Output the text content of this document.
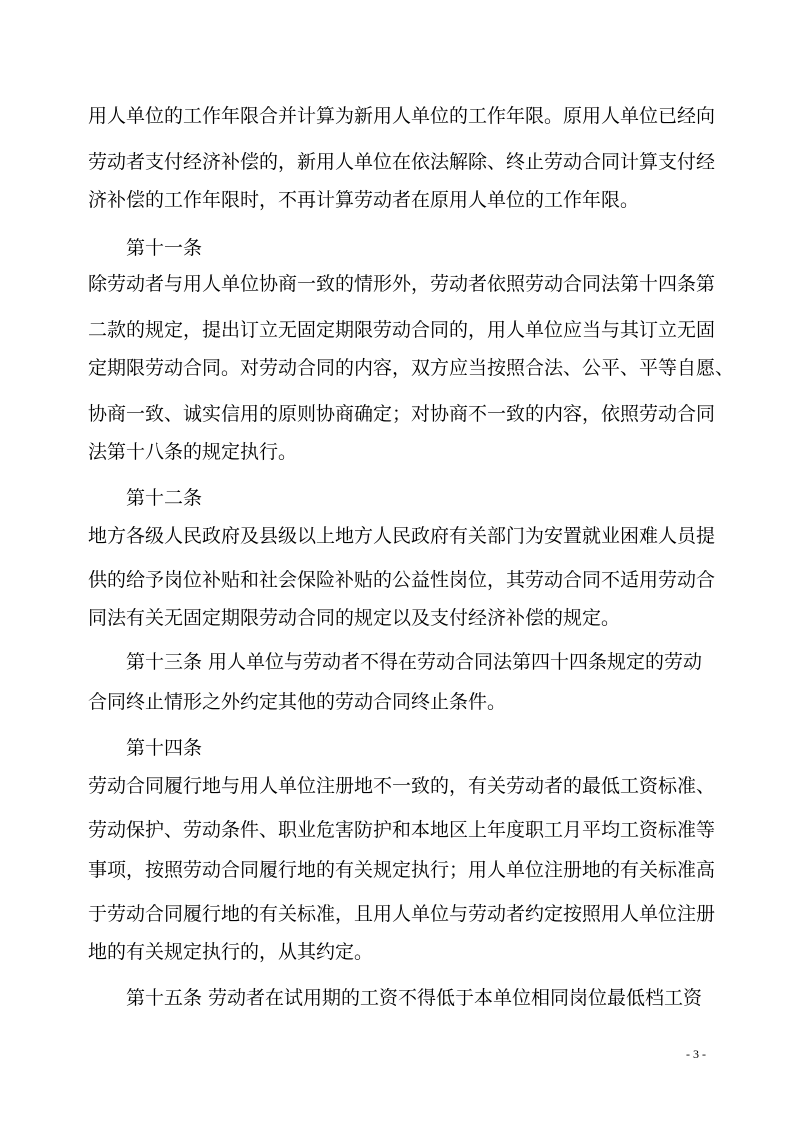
用人单位的工作年限合并计算为新用人单位的工作年限。原用人单位已经向
劳动者支付经济补偿的，新用人单位在依法解除、终止劳动合同计算支付经
济补偿的工作年限时，不再计算劳动者在原用人单位的工作年限。
第十一条
除劳动者与用人单位协商一致的情形外，劳动者依照劳动合同法第十四条第
二款的规定，提出订立无固定期限劳动合同的，用人单位应当与其订立无固
定期限劳动合同。对劳动合同的内容，双方应当按照合法、公平、平等自愿、
协商一致、诚实信用的原则协商确定；对协商不一致的内容，依照劳动合同
法第十八条的规定执行。
第十二条
地方各级人民政府及县级以上地方人民政府有关部门为安置就业困难人员提
供的给予岗位补贴和社会保险补贴的公益性岗位，其劳动合同不适用劳动合
同法有关无固定期限劳动合同的规定以及支付经济补偿的规定。
第十三条 用人单位与劳动者不得在劳动合同法第四十四条规定的劳动
合同终止情形之外约定其他的劳动合同终止条件。
第十四条
劳动合同履行地与用人单位注册地不一致的，有关劳动者的最低工资标准、
劳动保护、劳动条件、职业危害防护和本地区上年度职工月平均工资标准等
事项，按照劳动合同履行地的有关规定执行；用人单位注册地的有关标准高
于劳动合同履行地的有关标准，且用人单位与劳动者约定按照用人单位注册
地的有关规定执行的，从其约定。
第十五条 劳动者在试用期的工资不得低于本单位相同岗位最低档工资
- 3 -
